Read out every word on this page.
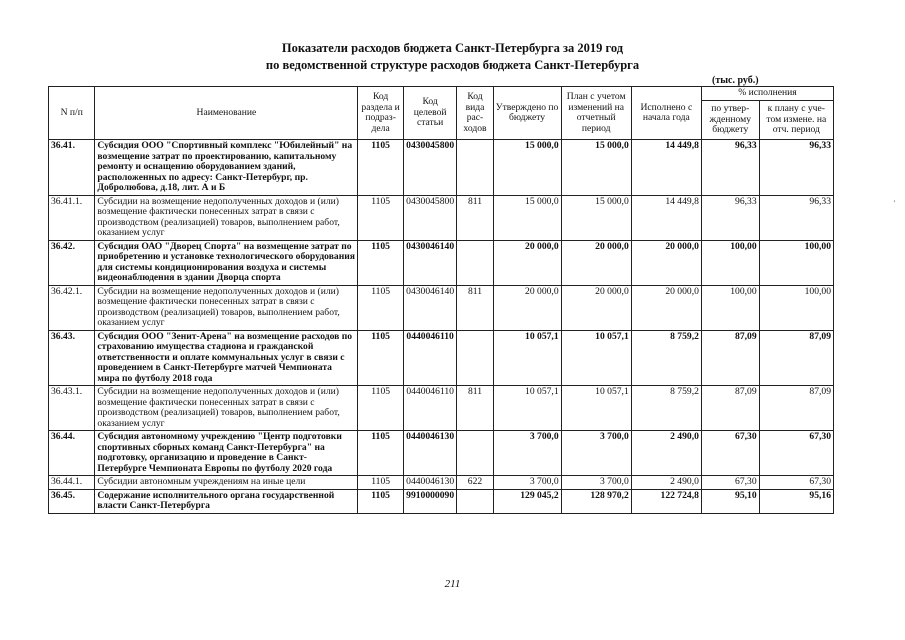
Показатели расходов бюджета Санкт-Петербурга за 2019 год
по ведомственной структуре расходов бюджета Санкт-Петербурга
(тыс. руб.)
N п/п	Наименование	Код раздела и подраз-дела	Код целевой статьи	Код вида рас-ходов	Утверждено по бюджету	План с учетом изменений на отчетный период	Исполнено с начала года	% исполнения	
								по утвер-жденному бюджету	к плану с уче-том измене. на отч. период
36.41.	Субсидия ООО "Спортивный комплекс "Юбилейный" на возмещение затрат по проектированию, капитальному ремонту и оснащению оборудованием зданий, расположенных по адресу: Санкт-Петербург, пр. Добролюбова, д.18, лит. А и Б	1105	0430045800		15 000,0	15 000,0	14 449,8	96,33	96,33
36.41.1.	Субсидии на возмещение недополученных доходов и (или) возмещение фактически понесенных затрат в связи с производством (реализацией) товаров, выполнением работ, оказанием услуг	1105	0430045800	811	15 000,0	15 000,0	14 449,8	96,33	96,33
36.42.	Субсидия ОАО "Дворец Спорта" на возмещение затрат по приобретению и установке технологического оборудования для системы кондиционирования воздуха и системы видеонаблюдения в здании Дворца спорта	1105	0430046140		20 000,0	20 000,0	20 000,0	100,00	100,00
36.42.1.	Субсидии на возмещение недополученных доходов и (или) возмещение фактически понесенных затрат в связи с производством (реализацией) товаров, выполнением работ, оказанием услуг	1105	0430046140	811	20 000,0	20 000,0	20 000,0	100,00	100,00
36.43.	Субсидия ООО "Зенит-Арена" на возмещение расходов по страхованию имущества стадиона и гражданской ответственности и оплате коммунальных услуг в связи с проведением в Санкт-Петербурге матчей Чемпионата мира по футболу 2018 года	1105	0440046110		10 057,1	10 057,1	8 759,2	87,09	87,09
36.43.1.	Субсидии на возмещение недополученных доходов и (или) возмещение фактически понесенных затрат в связи с производством (реализацией) товаров, выполнением работ, оказанием услуг	1105	0440046110	811	10 057,1	10 057,1	8 759,2	87,09	87,09
36.44.	Субсидия автономному учреждению "Центр подготовки спортивных сборных команд Санкт-Петербурга" на подготовку, организацию и проведение в Санкт-Петербурге Чемпионата Европы по футболу 2020 года	1105	0440046130		3 700,0	3 700,0	2 490,0	67,30	67,30
36.44.1.	Субсидии автономным учреждениям на иные цели	1105	0440046130	622	3 700,0	3 700,0	2 490,0	67,30	67,30
36.45.	Содержание исполнительного органа государственной власти Санкт-Петербурга	1105	9910000090		129 045,2	128 970,2	122 724,8	95,10	95,16
211
-
